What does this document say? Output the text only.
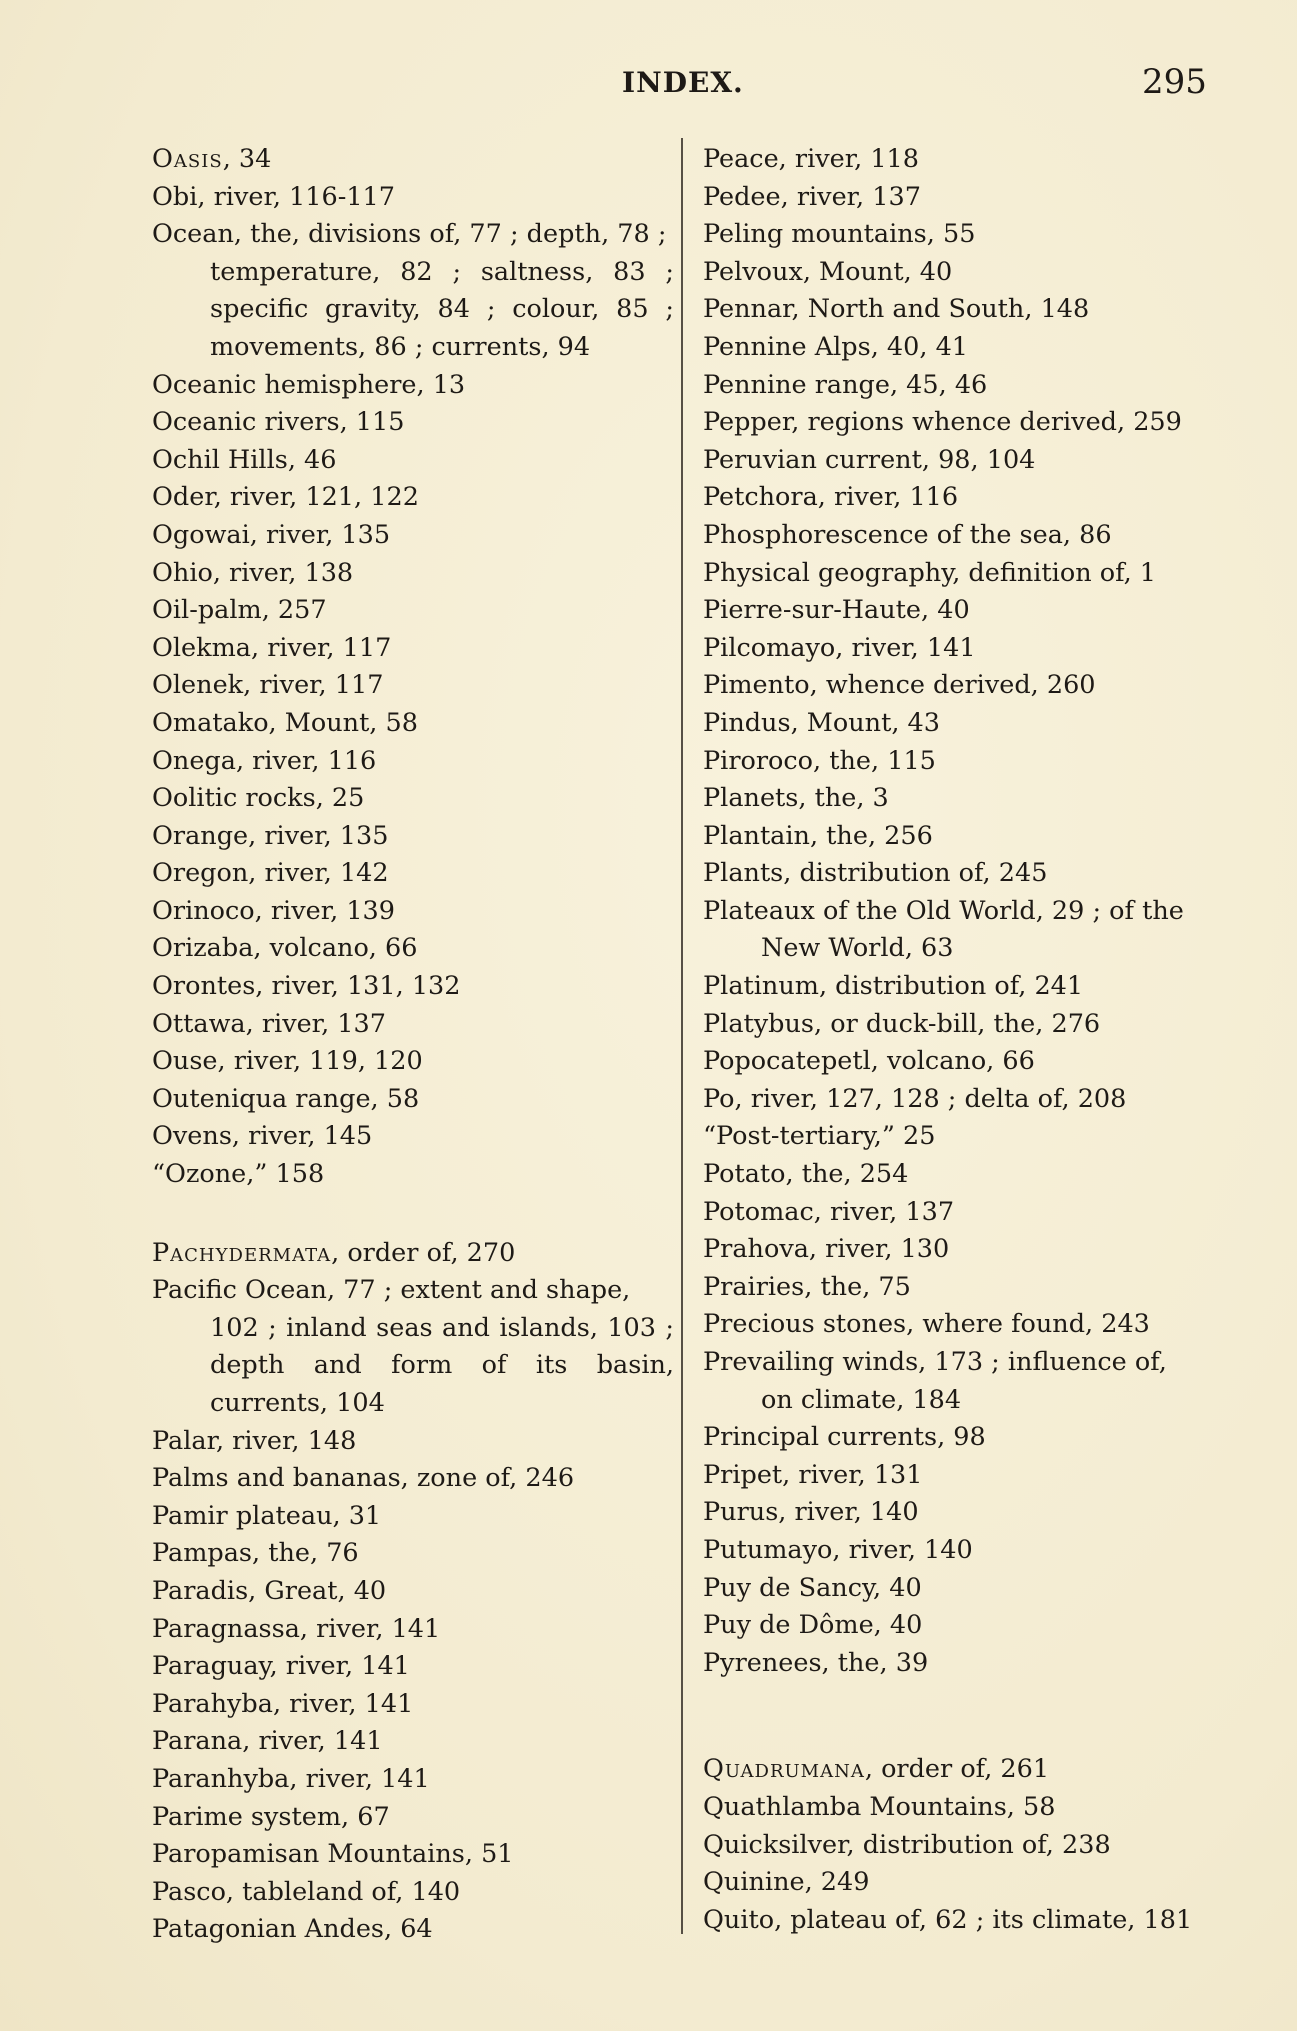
INDEX.	295
Oasis, 34
Obi, river, 116-117
Ocean, the, divisions of, 77 ; depth, 78 ;
temperature, 82 ; saltness, 83 ;
specific gravity, 84 ; colour, 85 ;
movements, 86 ; currents, 94
Oceanic hemisphere, 13
Oceanic rivers, 115
Ochil Hills, 46
Oder, river, 121, 122
Ogowai, river, 135
Ohio, river, 138
Oil-palm, 257
Olekma, river, 117
Olenek, river, 117
Omatako, Mount, 58
Onega, river, 116
Oolitic rocks, 25
Orange, river, 135
Oregon, river, 142
Orinoco, river, 139
Orizaba, volcano, 66
Orontes, river, 131, 132
Ottawa, river, 137
Ouse, river, 119, 120
Outeniqua range, 58
Ovens, river, 145
“Ozone,” 158
Pachydermata, order of, 270
Pacific Ocean, 77 ; extent and shape,
102 ; inland seas and islands, 103 ;
depth and form of its basin,
currents, 104
Palar, river, 148
Palms and bananas, zone of, 246
Pamir plateau, 31
Pampas, the, 76
Paradis, Great, 40
Paragnassa, river, 141
Paraguay, river, 141
Parahyba, river, 141
Parana, river, 141
Paranhyba, river, 141
Parime system, 67
Paropamisan Mountains, 51
Pasco, tableland of, 140
Patagonian Andes, 64
Peace, river, 118
Pedee, river, 137
Peling mountains, 55
Pelvoux, Mount, 40
Pennar, North and South, 148
Pennine Alps, 40, 41
Pennine range, 45, 46
Pepper, regions whence derived, 259
Peruvian current, 98, 104
Petchora, river, 116
Phosphorescence of the sea, 86
Physical geography, definition of, 1
Pierre-sur-Haute, 40
Pilcomayo, river, 141
Pimento, whence derived, 260
Pindus, Mount, 43
Piroroco, the, 115
Planets, the, 3
Plantain, the, 256
Plants, distribution of, 245
Plateaux of the Old World, 29 ; of the
New World, 63
Platinum, distribution of, 241
Platybus, or duck-bill, the, 276
Popocatepetl, volcano, 66
Po, river, 127, 128 ; delta of, 208
“Post-tertiary,” 25
Potato, the, 254
Potomac, river, 137
Prahova, river, 130
Prairies, the, 75
Precious stones, where found, 243
Prevailing winds, 173 ; influence of,
on climate, 184
Principal currents, 98
Pripet, river, 131
Purus, river, 140
Putumayo, river, 140
Puy de Sancy, 40
Puy de Dôme, 40
Pyrenees, the, 39
Quadrumana, order of, 261
Quathlamba Mountains, 58
Quicksilver, distribution of, 238
Quinine, 249
Quito, plateau of, 62 ; its climate, 181
